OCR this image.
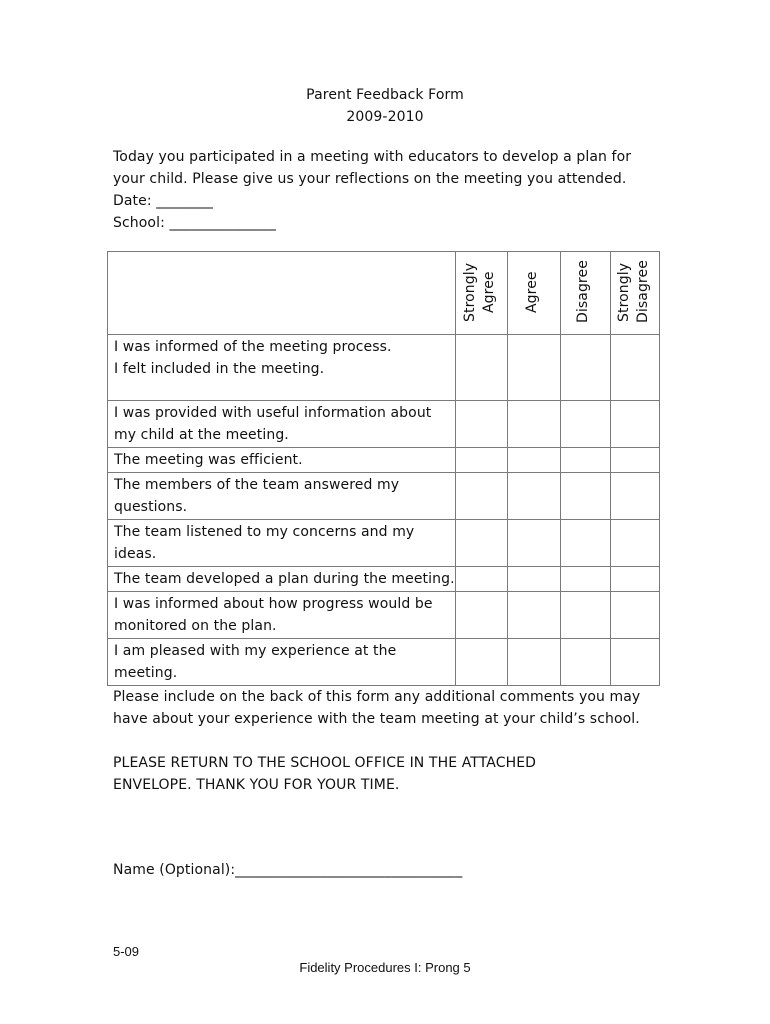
Parent Feedback Form
2009-2010
Today you participated in a meeting with educators to develop a plan for
your child. Please give us your reflections on the meeting you attended.
Date: ________
School: _______________

	Strongly Agree	Agree	Disagree	Strongly Disagree

I was informed of the meeting process.
I felt included in the meeting.				

I was provided with useful information about
my child at the meeting.				

The meeting was efficient.				

The members of the team answered my
questions.				

The team listened to my concerns and my
ideas.				

The team developed a plan during the meeting.				

I was informed about how progress would be
monitored on the plan.				

I am pleased with my experience at the
meeting.				

Please include on the back of this form any additional comments you may
have about your experience with the team meeting at your child’s school.
PLEASE RETURN TO THE SCHOOL OFFICE IN THE ATTACHED
ENVELOPE. THANK YOU FOR YOUR TIME.
Name (Optional):________________________________
5-09
Fidelity Procedures I: Prong 5
